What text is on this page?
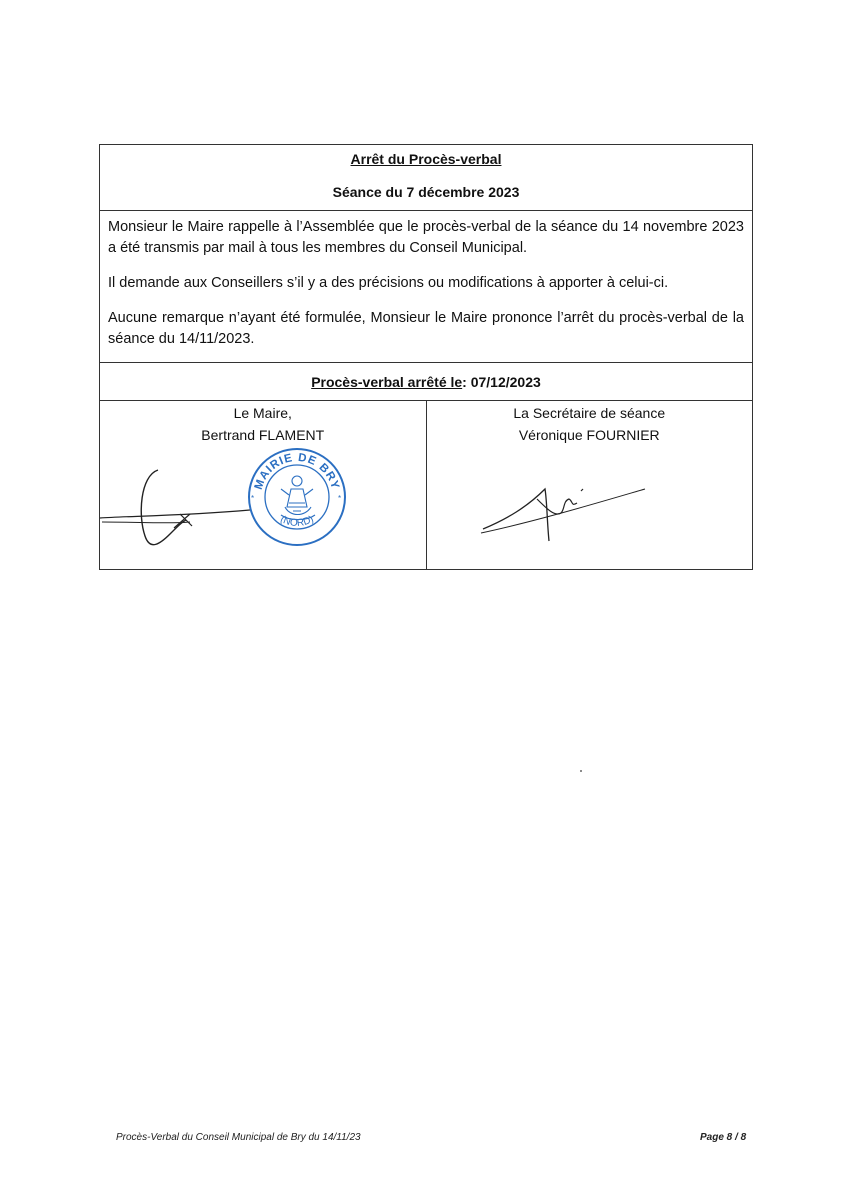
Arrêt du Procès-verbal
Séance du 7 décembre 2023

Monsieur le Maire rappelle à l’Assemblée que le procès-verbal de la séance du 14 novembre 2023 a été transmis par mail à tous les membres du Conseil Municipal.

Il demande aux Conseillers s’il y a des précisions ou modifications à apporter à celui-ci.

Aucune remarque n’ayant été formulée, Monsieur le Maire prononce l’arrêt du procès-verbal de la séance du 14/11/2023.

Procès-verbal arrêté le : 07/12/2023
Le Maire,
Bertrand FLAMENT
MAIRIE DE BRY
(NORD)
*	*
La Secrétaire de séance
Véronique FOURNIER
Procès-Verbal du Conseil Municipal de Bry du 14/11/23	Page 8 / 8
